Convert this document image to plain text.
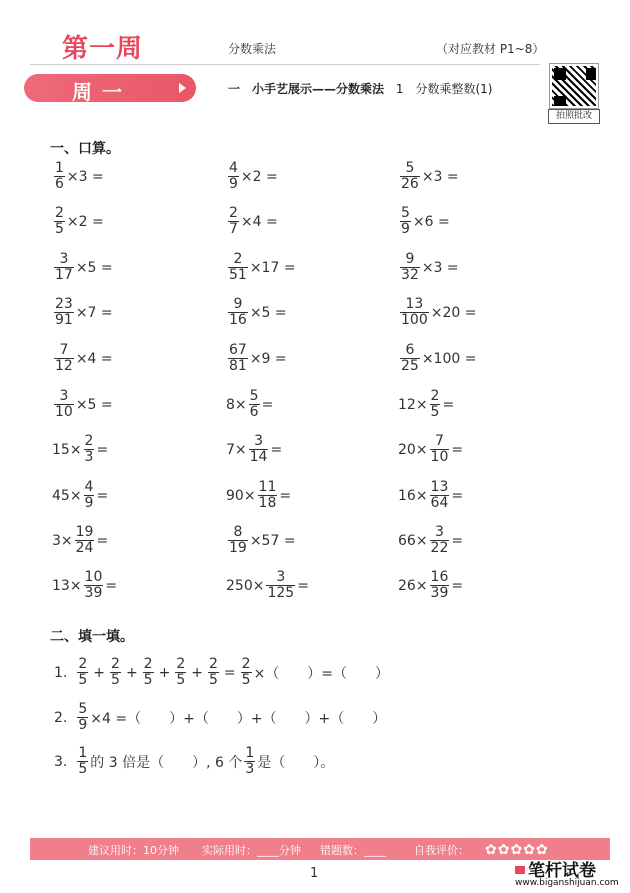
第一周	分数乘法	（对应教材 P1~8）
周一	一　小手艺展示——分数乘法 1　分数乘整数(1)
拍照批改
一、口算。
$\frac{1}{6} \times 3$ =	$\frac{4}{9} \times 2$ =	$\frac{5}{26} \times 3$ =
$\frac{2}{5} \times 2$ =	$\frac{2}{7} \times 4$ =	$\frac{5}{9} \times 6$ =
$\frac{3}{17} \times 5$ =	$\frac{2}{51} \times 17$ =	$\frac{9}{32} \times 3$ =
$\frac{23}{91} \times 7$ =	$\frac{9}{16} \times 5$ =	$\frac{13}{100} \times 20$ =
$\frac{7}{12} \times 4$ =	$\frac{67}{81} \times 9$ =	$\frac{6}{25} \times 100$ =
$\frac{3}{10} \times 5$ =	$8\times \frac{5}{6}$ =	$12\times \frac{2}{5}$ =
$15\times \frac{2}{3}$ =	$7\times \frac{3}{14}$ =	$20\times \frac{7}{10}$ =
$45\times \frac{4}{9}$ =	$90\times \frac{11}{18}$ =	$16\times \frac{13}{64}$ =
$3\times \frac{19}{24}$ =	$\frac{8}{19} \times 57$ =	$66\times \frac{3}{22}$ =
$13\times \frac{10}{39}$ =	$250\times \frac{3}{125}$ =	$26\times \frac{16}{39}$ =
二、填一填。
1. $\frac{2}{5} + \frac{2}{5} + \frac{2}{5} + \frac{2}{5} + \frac{2}{5} = \frac{2}{5}$ ×（　　）=（　　）
2. $\frac{5}{9} \times 4$ =（　　）+（　　）+（　　）+（　　）
3. $\frac{1}{5}$ 的 3 倍是（　　）, 6 个 $\frac{1}{3}$ 是（　　）。
建议用时：10分钟 实际用时：____分钟 错题数：____	自我评价： ✿✿✿✿✿
1	笔杆试卷
www.biganshijuan.com
